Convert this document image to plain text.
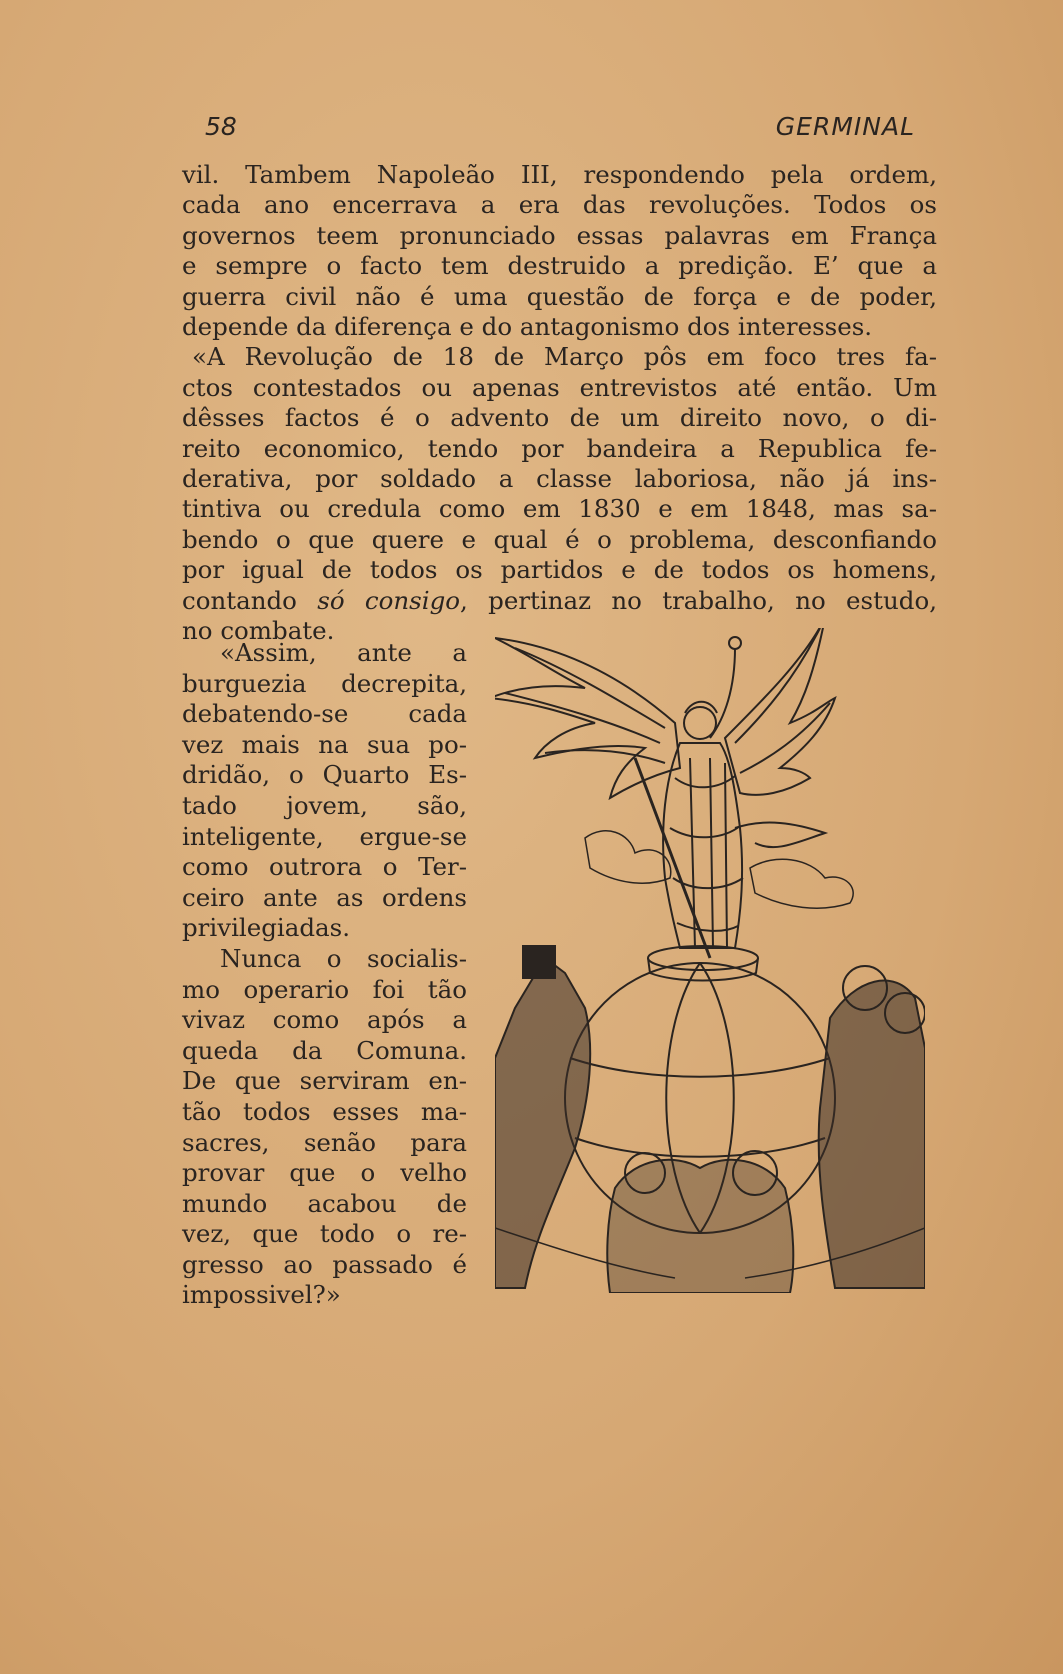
58	GERMINAL

vil. Tambem Napoleão III, respondendo pela ordem,
cada ano encerrava a era das revoluções. Todos os
governos teem pronunciado essas palavras em França
e sempre o facto tem destruido a predição. E’ que a
guerra civil não é uma questão de força e de poder,
depende da diferença e do antagonismo dos interesses.

«A Revolução de 18 de Março pôs em foco tres fa-
ctos contestados ou apenas entrevistos até então. Um
dêsses factos é o advento de um direito novo, o di-
reito economico, tendo por bandeira a Republica fe-
derativa, por soldado a classe laboriosa, não já ins-
tintiva ou credula como em 1830 e em 1848, mas sa-
bendo o que quere e qual é o problema, desconfiando
por igual de todos os partidos e de todos os homens,
contando só consigo, pertinaz no trabalho, no estudo,
no combate.

«Assim, ante a
burguezia decrepita,
debatendo-se cada
vez mais na sua po-
dridão, o Quarto Es-
tado jovem, são,
inteligente, ergue-se
como outrora o Ter-
ceiro ante as ordens
privilegiadas.

Nunca o socialis-
mo operario foi tão
vivaz como após a
queda da Comuna.
De que serviram en-
tão todos esses ma-
sacres, senão para
provar que o velho
mundo acabou de
vez, que todo o re-
gresso ao passado é
impossivel?»
